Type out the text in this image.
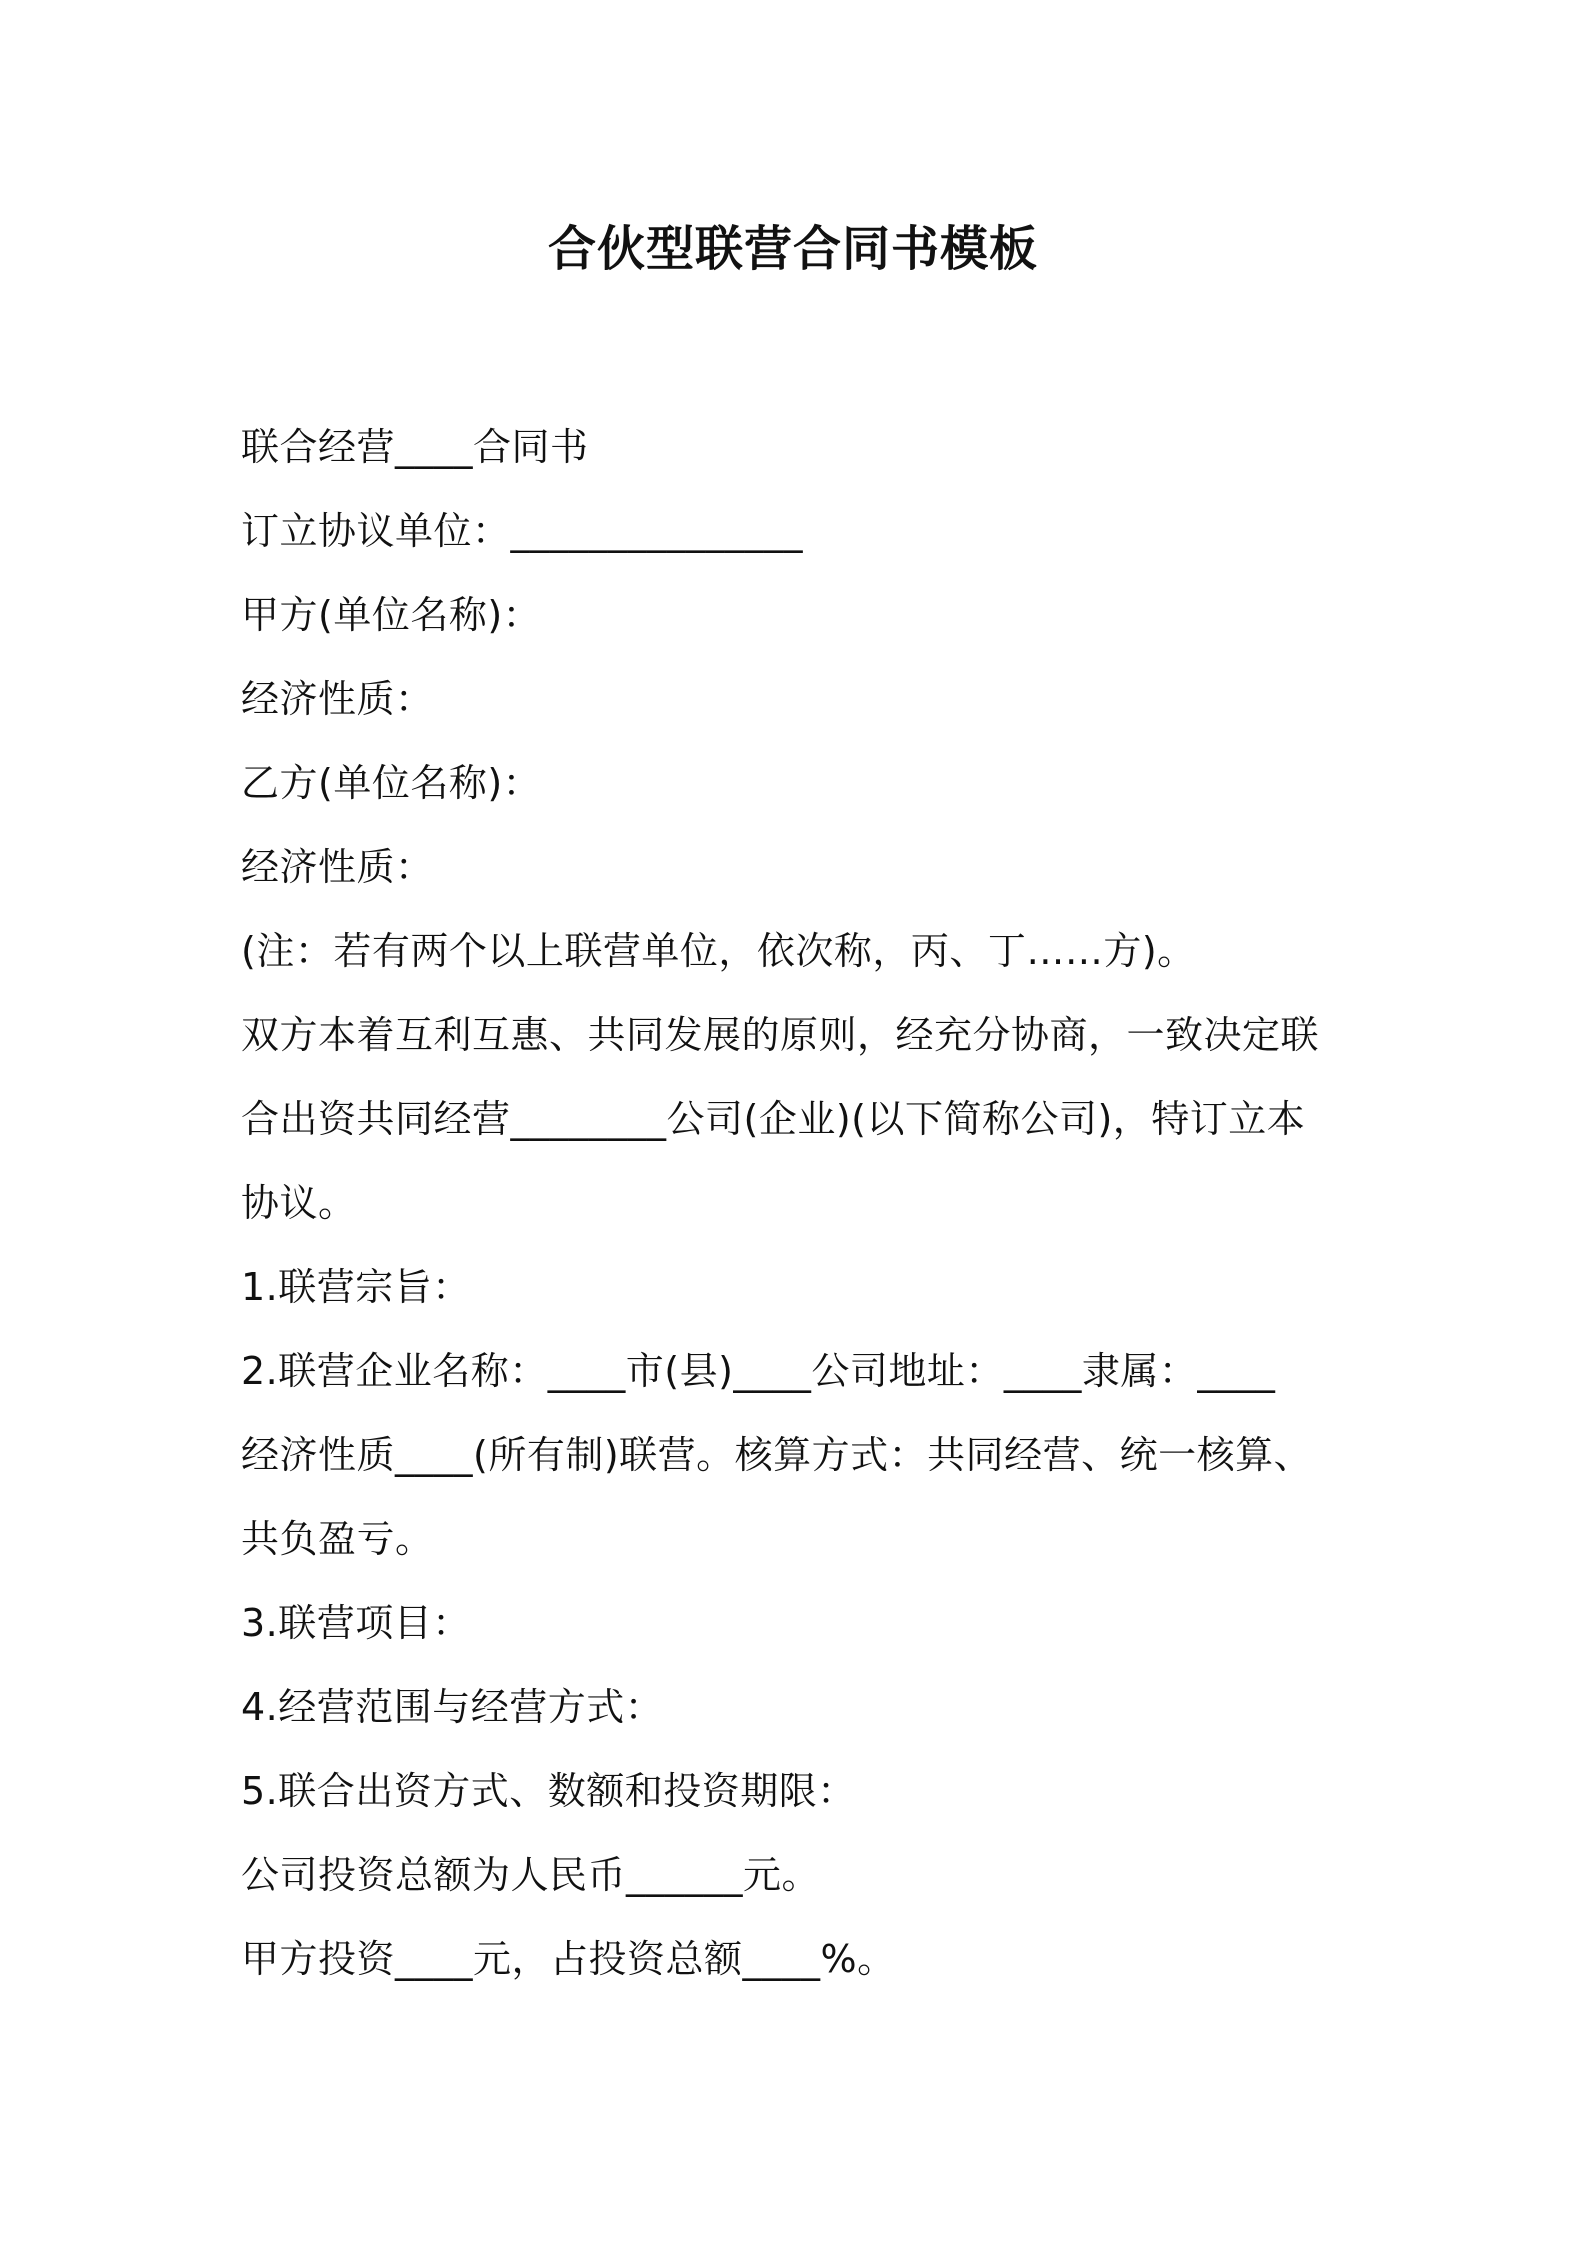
合伙型联营合同书模板

联合经营____合同书

订立协议单位：_______________

甲方(单位名称)：

经济性质：

乙方(单位名称)：

经济性质：

(注：若有两个以上联营单位，依次称，丙、丁……方)。

双方本着互利互惠、共同发展的原则，经充分协商，一致决定联

合出资共同经营________公司(企业)(以下简称公司)，特订立本

协议。

1.联营宗旨：

2.联营企业名称：____市(县)____公司地址：____隶属：____

经济性质____(所有制)联营。核算方式：共同经营、统一核算、

共负盈亏。

3.联营项目：

4.经营范围与经营方式：

5.联合出资方式、数额和投资期限：

公司投资总额为人民币______元。

甲方投资____元，占投资总额____%。
